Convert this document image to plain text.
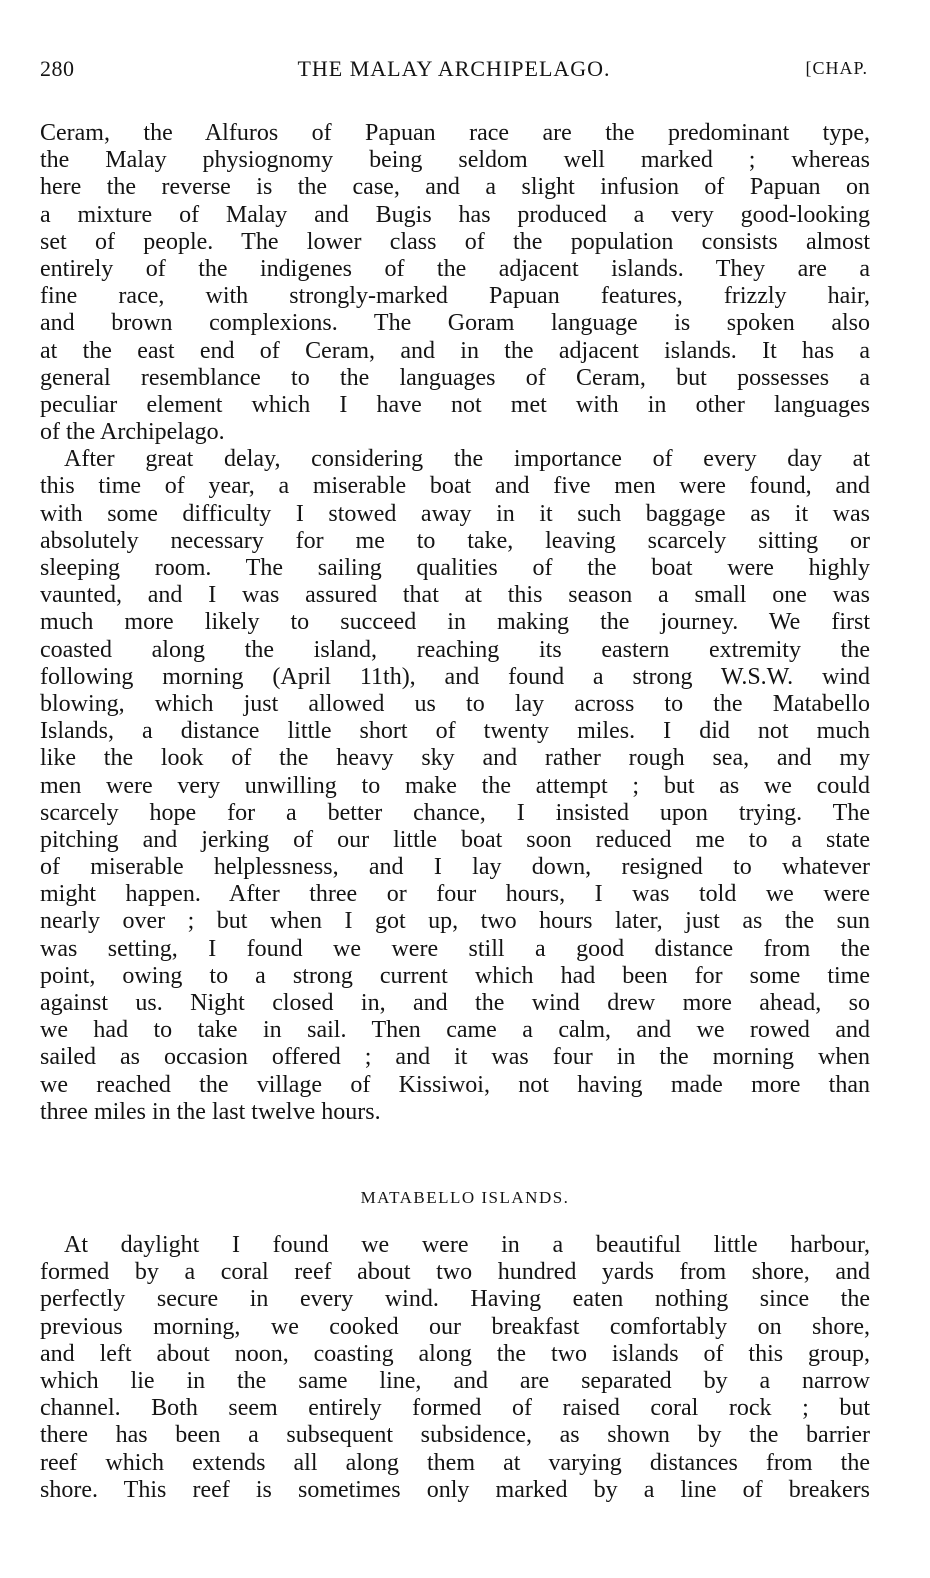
280	THE MALAY ARCHIPELAGO.	[CHAP.
Ceram, the Alfuros of Papuan race are the predominant type,
the Malay physiognomy being seldom well marked ; whereas
here the reverse is the case, and a slight infusion of Papuan on
a mixture of Malay and Bugis has produced a very good-looking
set of people. The lower class of the population consists almost
entirely of the indigenes of the adjacent islands. They are a
fine race, with strongly-marked Papuan features, frizzly hair,
and brown complexions. The Goram language is spoken also
at the east end of Ceram, and in the adjacent islands. It has a
general resemblance to the languages of Ceram, but possesses a
peculiar element which I have not met with in other languages
of the Archipelago.
After great delay, considering the importance of every day at
this time of year, a miserable boat and five men were found, and
with some difficulty I stowed away in it such baggage as it was
absolutely necessary for me to take, leaving scarcely sitting or
sleeping room. The sailing qualities of the boat were highly
vaunted, and I was assured that at this season a small one was
much more likely to succeed in making the journey. We first
coasted along the island, reaching its eastern extremity the
following morning (April 11th), and found a strong W.S.W. wind
blowing, which just allowed us to lay across to the Matabello
Islands, a distance little short of twenty miles. I did not much
like the look of the heavy sky and rather rough sea, and my
men were very unwilling to make the attempt ; but as we could
scarcely hope for a better chance, I insisted upon trying. The
pitching and jerking of our little boat soon reduced me to a state
of miserable helplessness, and I lay down, resigned to whatever
might happen. After three or four hours, I was told we were
nearly over ; but when I got up, two hours later, just as the sun
was setting, I found we were still a good distance from the
point, owing to a strong current which had been for some time
against us. Night closed in, and the wind drew more ahead, so
we had to take in sail. Then came a calm, and we rowed and
sailed as occasion offered ; and it was four in the morning when
we reached the village of Kissiwoi, not having made more than
three miles in the last twelve hours.
MATABELLO ISLANDS.
At daylight I found we were in a beautiful little harbour,
formed by a coral reef about two hundred yards from shore, and
perfectly secure in every wind. Having eaten nothing since the
previous morning, we cooked our breakfast comfortably on shore,
and left about noon, coasting along the two islands of this group,
which lie in the same line, and are separated by a narrow
channel. Both seem entirely formed of raised coral rock ; but
there has been a subsequent subsidence, as shown by the barrier
reef which extends all along them at varying distances from the
shore. This reef is sometimes only marked by a line of breakers
